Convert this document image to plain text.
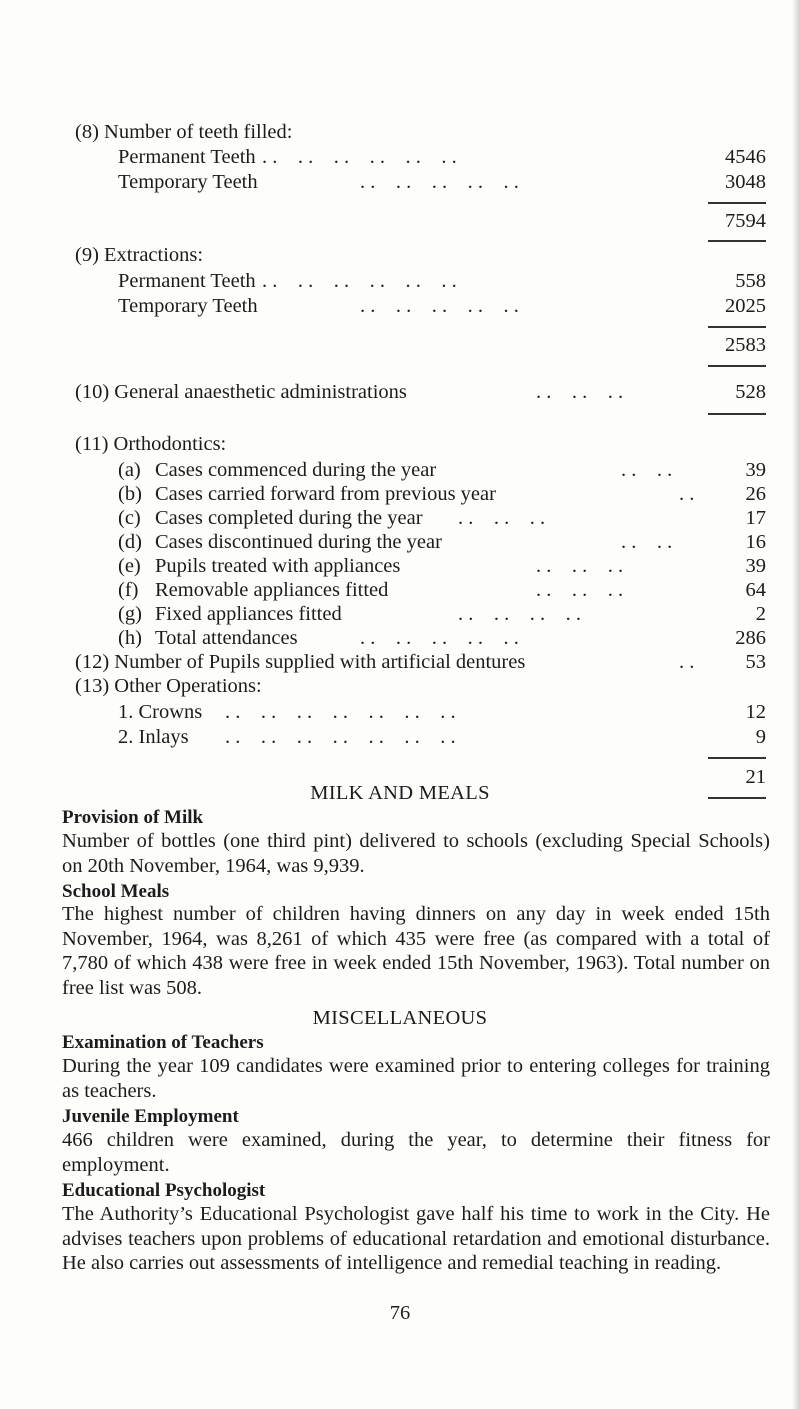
(8) Number of teeth filled:
Permanent Teeth . .    . .    . .    . .    . .    . .	4546
Temporary Teeth	. .    . .    . .    . .    . .	3048
7594
(9) Extractions:
Permanent Teeth . .    . .    . .    . .    . .    . .	558
Temporary Teeth	. .    . .    . .    . .    . .	2025
2583
(10) General anaesthetic administrations	. .    . .    . .	528
(11) Orthodontics:
(a) Cases commenced during the year	. .    . .	39
(b) Cases carried forward from previous year	. . 26
(c) Cases completed during the year . .    . .    . .	17
(d) Cases discontinued during the year	. .    . .	16
(e) Pupils treated with appliances	. .    . .    . .	39
(f) Removable appliances fitted	. .    . .    . .	64
(g) Fixed appliances fitted	. .    . .    . .    . .	2
(h) Total attendances	. .    . .    . .    . .    . .	286
(12) Number of Pupils supplied with artificial dentures	. . 53
(13) Other Operations:
1. Crowns . .    . .    . .    . .    . .    . .    . .	12
2. Inlays . .    . .    . .    . .    . .    . .    . .	9
21
MILK AND MEALS
Provision of Milk
Number of bottles (one third pint) delivered to schools (excluding Special Schools) on 20th November, 1964, was 9,939.
School Meals
The highest number of children having dinners on any day in week ended 15th November, 1964, was 8,261 of which 435 were free (as compared with a total of 7,780 of which 438 were free in week ended 15th November, 1963). Total number on free list was 508.
MISCELLANEOUS
Examination of Teachers
During the year 109 candidates were examined prior to entering colleges for training as teachers.
Juvenile Employment
466 children were examined, during the year, to determine their fitness for employment.
Educational Psychologist
The Authority’s Educational Psychologist gave half his time to work in the City. He advises teachers upon problems of educational retardation and emotional disturbance. He also carries out assessments of intelligence and remedial teaching in reading.
76
